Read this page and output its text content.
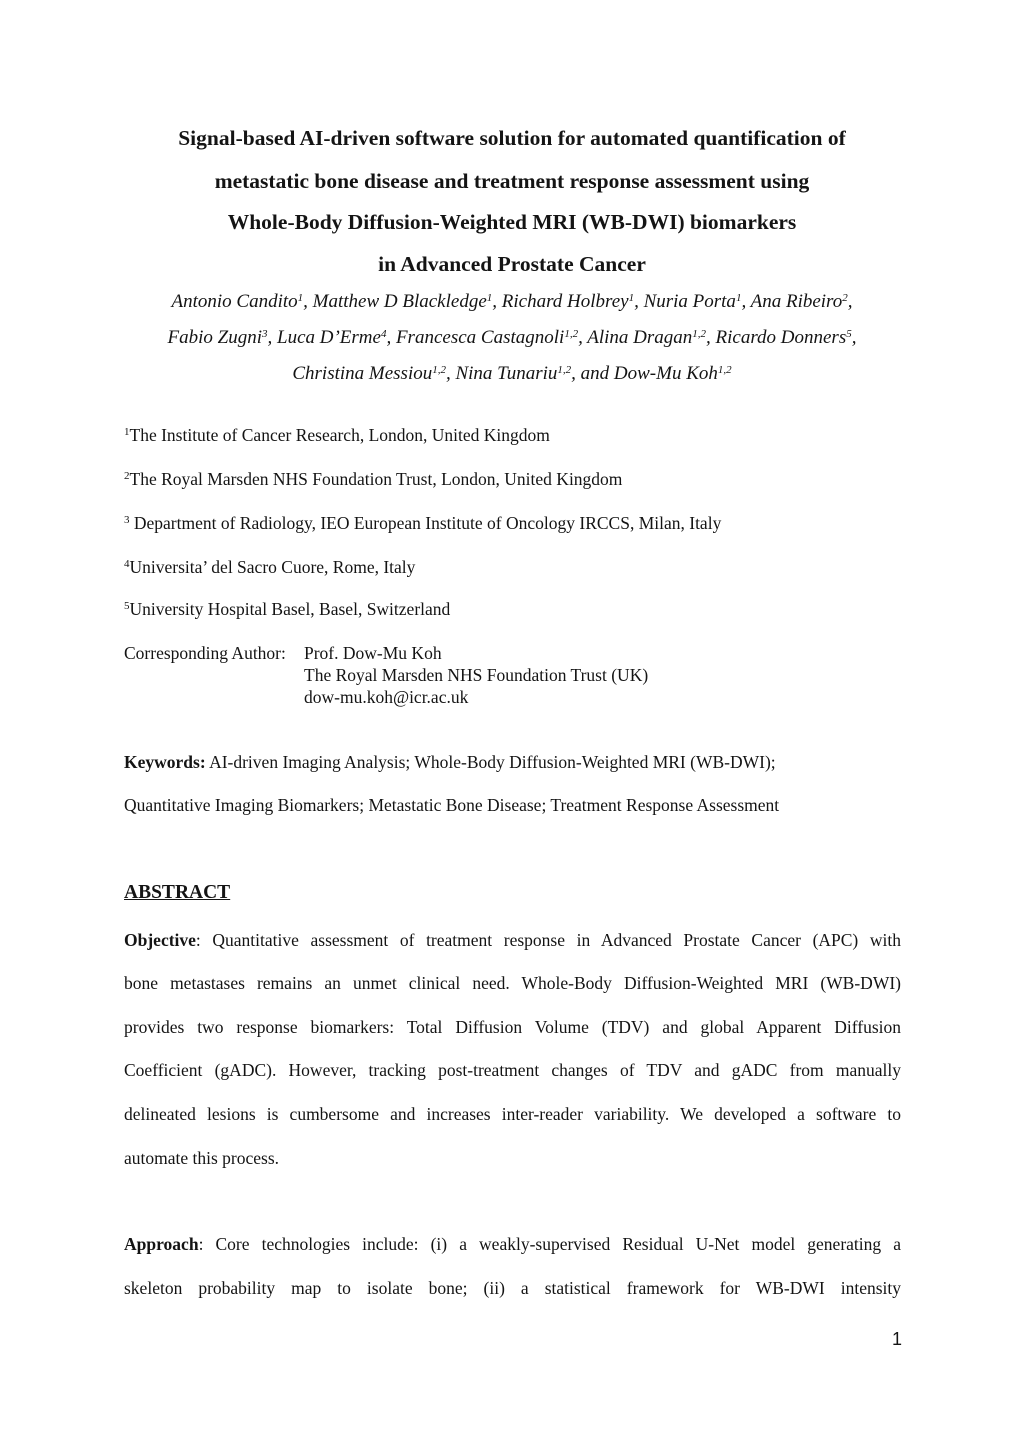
Signal-based AI-driven software solution for automated quantification of
metastatic bone disease and treatment response assessment using
Whole-Body Diffusion-Weighted MRI (WB-DWI) biomarkers
in Advanced Prostate Cancer
Antonio Candito$^1$, Matthew D Blackledge$^1$, Richard Holbrey$^1$, Nuria Porta$^1$, Ana Ribeiro$^2$,
Fabio Zugni$^3$, Luca D’Erme$^4$, Francesca Castagnoli$^{1,2}$, Alina Dragan$^{1,2}$, Ricardo Donners$^5$,
Christina Messiou$^{1,2}$, Nina Tunariu$^{1,2}$, and Dow-Mu Koh$^{1,2}$
$^1$The Institute of Cancer Research, London, United Kingdom
$^2$The Royal Marsden NHS Foundation Trust, London, United Kingdom
$^3$ Department of Radiology, IEO European Institute of Oncology IRCCS, Milan, Italy
$^4$Universita’ del Sacro Cuore, Rome, Italy
$^5$University Hospital Basel, Basel, Switzerland
Corresponding Author: Prof. Dow-Mu Koh
The Royal Marsden NHS Foundation Trust (UK)
dow-mu.koh@icr.ac.uk
Keywords: AI-driven Imaging Analysis; Whole-Body Diffusion-Weighted MRI (WB-DWI);
Quantitative Imaging Biomarkers; Metastatic Bone Disease; Treatment Response Assessment
ABSTRACT
Objective: Quantitative assessment of treatment response in Advanced Prostate Cancer (APC) with
bone metastases remains an unmet clinical need. Whole-Body Diffusion-Weighted MRI (WB-DWI)
provides two response biomarkers: Total Diffusion Volume (TDV) and global Apparent Diffusion
Coefficient (gADC). However, tracking post-treatment changes of TDV and gADC from manually
delineated lesions is cumbersome and increases inter-reader variability. We developed a software to
automate this process.
Approach: Core technologies include: (i) a weakly-supervised Residual U-Net model generating a
skeleton probability map to isolate bone; (ii) a statistical framework for WB-DWI intensity
1
